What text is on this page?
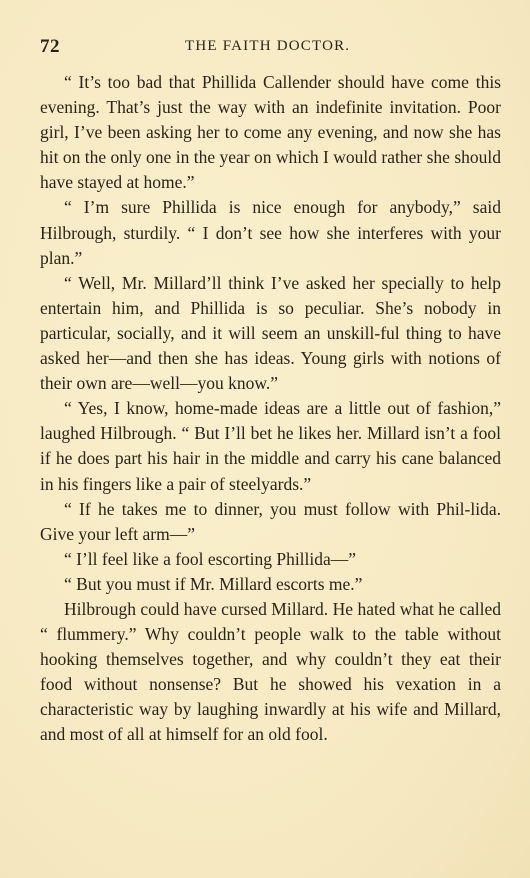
72	THE FAITH DOCTOR.

“ It’s too bad that Phillida Callender should have come this evening. That’s just the way with an indefinite invitation. Poor girl, I’ve been asking her to come any evening, and now she has hit on the only one in the year on which I would rather she should have stayed at home.”

“ I’m sure Phillida is nice enough for anybody,” said Hilbrough, sturdily. “ I don’t see how she interferes with your plan.”

“ Well, Mr. Millard’ll think I’ve asked her specially to help entertain him, and Phillida is so peculiar. She’s nobody in particular, socially, and it will seem an unskill-ful thing to have asked her—and then she has ideas. Young girls with notions of their own are—well—you know.”

“ Yes, I know, home-made ideas are a little out of fashion,” laughed Hilbrough. “ But I’ll bet he likes her. Millard isn’t a fool if he does part his hair in the middle and carry his cane balanced in his fingers like a pair of steelyards.”

“ If he takes me to dinner, you must follow with Phil-lida. Give your left arm—”

“ I’ll feel like a fool escorting Phillida—”

“ But you must if Mr. Millard escorts me.”

Hilbrough could have cursed Millard. He hated what he called “ flummery.” Why couldn’t people walk to the table without hooking themselves together, and why couldn’t they eat their food without nonsense? But he showed his vexation in a characteristic way by laughing inwardly at his wife and Millard, and most of all at himself for an old fool.
